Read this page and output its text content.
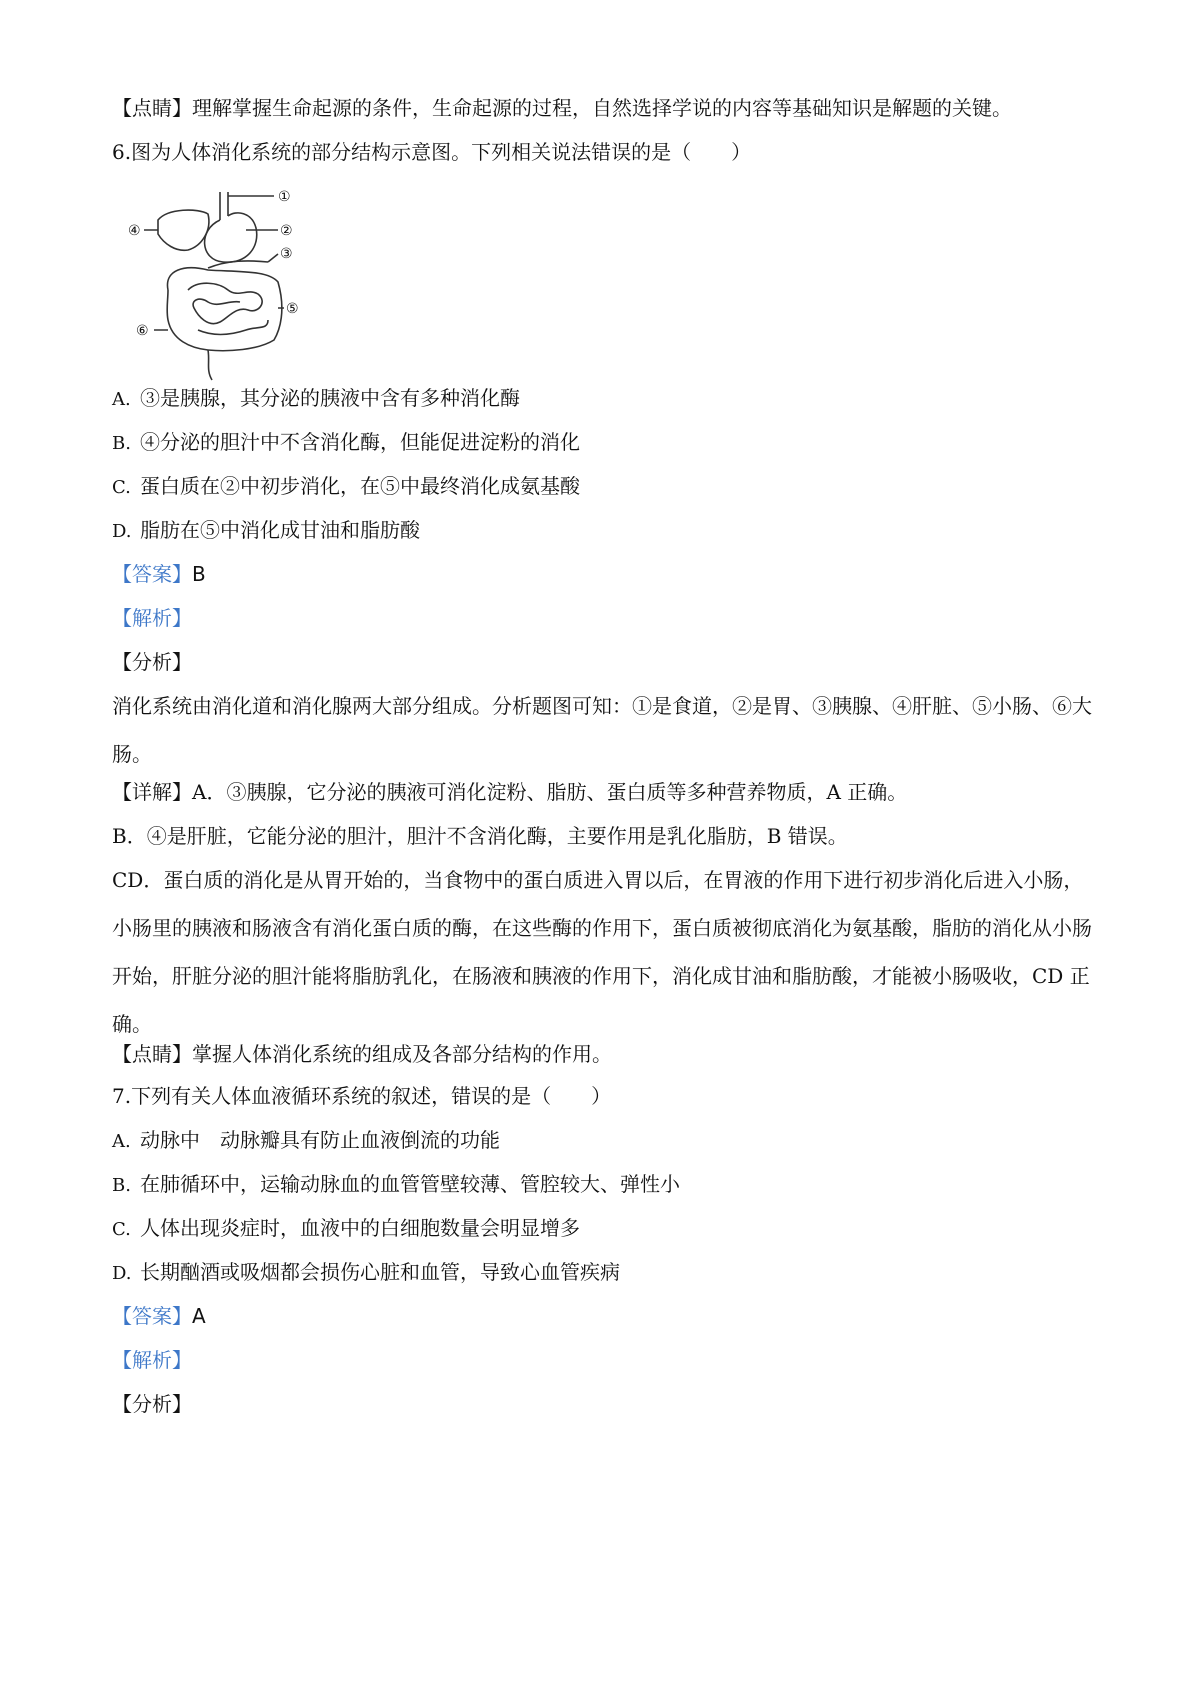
【点睛】理解掌握生命起源的条件，生命起源的过程，自然选择学说的内容等基础知识是解题的关键。
6.图为人体消化系统的部分结构示意图。下列相关说法错误的是（　　）
①
②
③
④
⑤
⑥
A. ③是胰腺，其分泌的胰液中含有多种消化酶
B. ④分泌的胆汁中不含消化酶，但能促进淀粉的消化
C. 蛋白质在②中初步消化，在⑤中最终消化成氨基酸
D. 脂肪在⑤中消化成甘油和脂肪酸
【答案】B
【解析】
【分析】
消化系统由消化道和消化腺两大部分组成。分析题图可知：①是食道，②是胃、③胰腺、④肝脏、⑤小肠、⑥大肠。
【详解】A．③胰腺，它分泌的胰液可消化淀粉、脂肪、蛋白质等多种营养物质，A 正确。
B．④是肝脏，它能分泌的胆汁，胆汁不含消化酶，主要作用是乳化脂肪，B 错误。
CD．蛋白质的消化是从胃开始的，当食物中的蛋白质进入胃以后，在胃液的作用下进行初步消化后进入小肠，小肠里的胰液和肠液含有消化蛋白质的酶，在这些酶的作用下，蛋白质被彻底消化为氨基酸，脂肪的消化从小肠开始，肝脏分泌的胆汁能将脂肪乳化，在肠液和胰液的作用下，消化成甘油和脂肪酸，才能被小肠吸收，CD 正确。
【点睛】掌握人体消化系统的组成及各部分结构的作用。
7.下列有关人体血液循环系统的叙述，错误的是（　　）
A. 动脉中　动脉瓣具有防止血液倒流的功能
B. 在肺循环中，运输动脉血的血管管壁较薄、管腔较大、弹性小
C. 人体出现炎症时，血液中的白细胞数量会明显增多
D. 长期酗酒或吸烟都会损伤心脏和血管，导致心血管疾病
【答案】A
【解析】
【分析】
